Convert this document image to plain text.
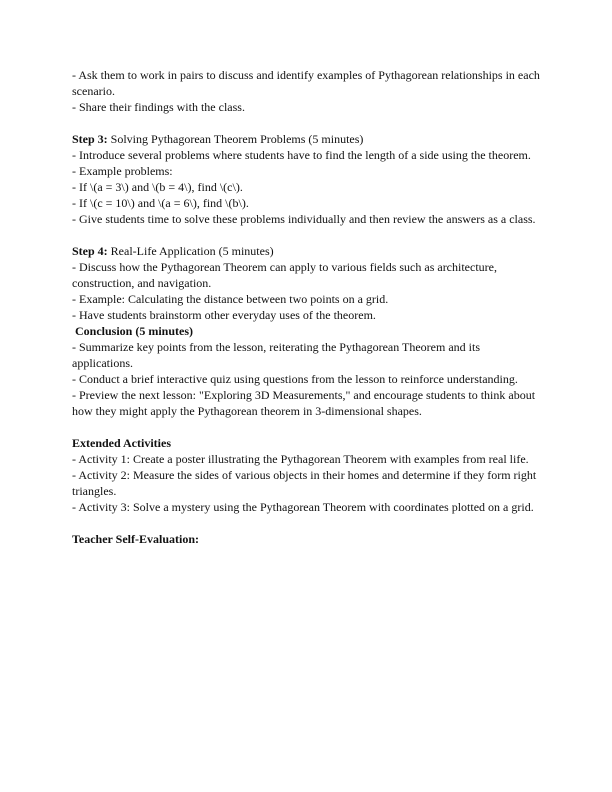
- Ask them to work in pairs to discuss and identify examples of Pythagorean relationships in each scenario.
- Share their findings with the class.
Step 3: Solving Pythagorean Theorem Problems (5 minutes)
- Introduce several problems where students have to find the length of a side using the theorem.
- Example problems:
- If \(a = 3\) and \(b = 4\), find \(c\).
- If \(c = 10\) and \(a = 6\), find \(b\).
- Give students time to solve these problems individually and then review the answers as a class.
Step 4: Real-Life Application (5 minutes)
- Discuss how the Pythagorean Theorem can apply to various fields such as architecture, construction, and navigation.
- Example: Calculating the distance between two points on a grid.
- Have students brainstorm other everyday uses of the theorem.
Conclusion (5 minutes)
- Summarize key points from the lesson, reiterating the Pythagorean Theorem and its applications.
- Conduct a brief interactive quiz using questions from the lesson to reinforce understanding.
- Preview the next lesson: "Exploring 3D Measurements," and encourage students to think about how they might apply the Pythagorean theorem in 3-dimensional shapes.
Extended Activities
- Activity 1: Create a poster illustrating the Pythagorean Theorem with examples from real life.
- Activity 2: Measure the sides of various objects in their homes and determine if they form right triangles.
- Activity 3: Solve a mystery using the Pythagorean Theorem with coordinates plotted on a grid.
Teacher Self-Evaluation:
